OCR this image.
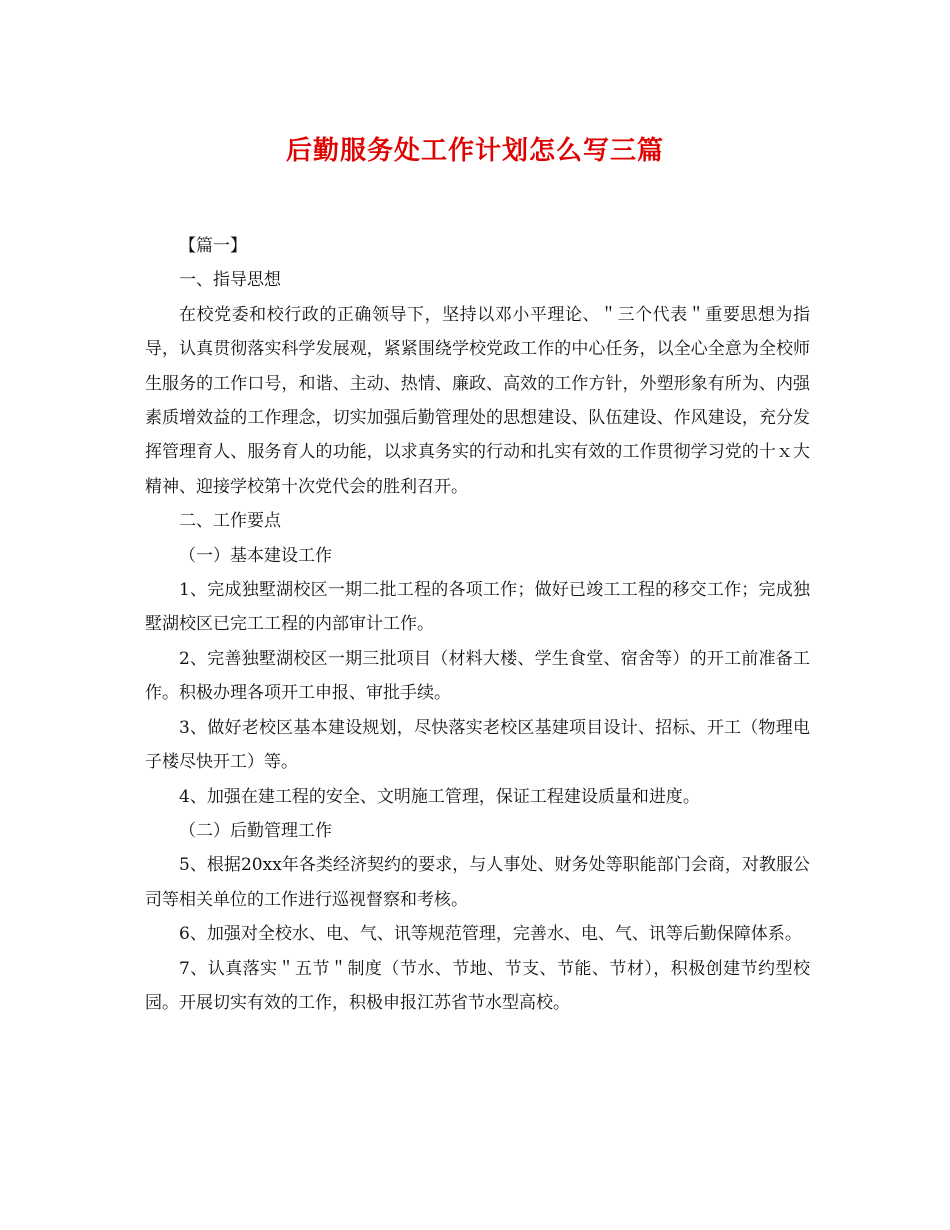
后勤服务处工作计划怎么写三篇

【篇一】

一、指导思想

在校党委和校行政的正确领导下，坚持以邓小平理论、＂三个代表＂重要思想为指导，认真贯彻落实科学发展观，紧紧围绕学校党政工作的中心任务，以全心全意为全校师生服务的工作口号，和谐、主动、热情、廉政、高效的工作方针，外塑形象有所为、内强素质增效益的工作理念，切实加强后勤管理处的思想建设、队伍建设、作风建设，充分发挥管理育人、服务育人的功能，以求真务实的行动和扎实有效的工作贯彻学习党的十ｘ大精神、迎接学校第十次党代会的胜利召开。

二、工作要点

（一）基本建设工作

1、完成独墅湖校区一期二批工程的各项工作；做好已竣工工程的移交工作；完成独墅湖校区已完工工程的内部审计工作。

2、完善独墅湖校区一期三批项目（材料大楼、学生食堂、宿舍等）的开工前准备工作。积极办理各项开工申报、审批手续。

3、做好老校区基本建设规划，尽快落实老校区基建项目设计、招标、开工（物理电子楼尽快开工）等。

4、加强在建工程的安全、文明施工管理，保证工程建设质量和进度。

（二）后勤管理工作

5、根据20xx年各类经济契约的要求，与人事处、财务处等职能部门会商，对教服公司等相关单位的工作进行巡视督察和考核。

6、加强对全校水、电、气、讯等规范管理，完善水、电、气、讯等后勤保障体系。

7、认真落实＂五节＂制度（节水、节地、节支、节能、节材），积极创建节约型校园。开展切实有效的工作，积极申报江苏省节水型高校。
